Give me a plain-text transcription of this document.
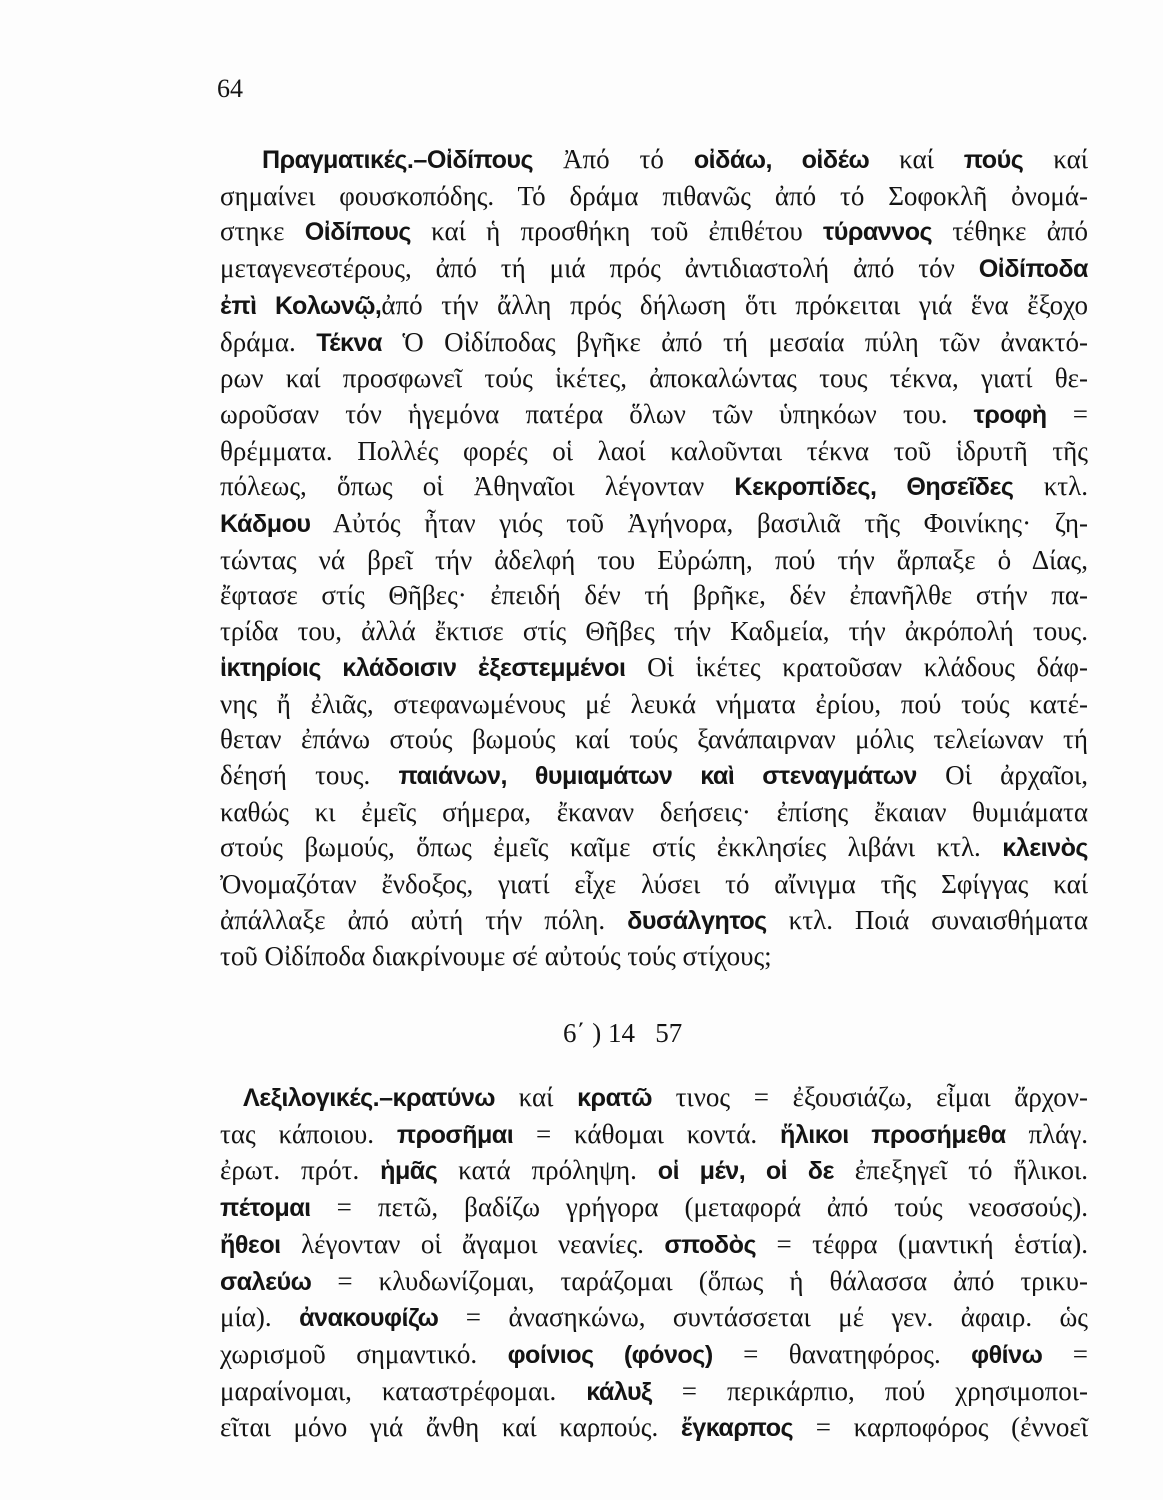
64
Πραγματικές.–Οἰδίπους Ἀπό τό οἰδάω, οἰδέω καί πούς καί
σημαίνει φουσκοπόδης. Τό δράμα πιθανῶς ἀπό τό Σοφοκλῆ ὀνομά-
στηκε Οἰδίπους καί ἡ προσθήκη τοῦ ἐπιθέτου τύραννος τέθηκε ἀπό
μεταγενεστέρους, ἀπό τή μιά πρός ἀντιδιαστολή ἀπό τόν Οἰδίποδα
ἐπὶ Κολωνῷ,ἀπό τήν ἄλλη πρός δήλωση ὅτι πρόκειται γιά ἕνα ἔξοχο
δράμα. Τέκνα Ὁ Οἰδίποδας βγῆκε ἀπό τή μεσαία πύλη τῶν ἀνακτό-
ρων καί προσφωνεῖ τούς ἱκέτες, ἀποκαλώντας τους τέκνα, γιατί θε-
ωροῦσαν τόν ἡγεμόνα πατέρα ὅλων τῶν ὑπηκόων του. τροφὴ =
θρέμματα. Πολλές φορές οἱ λαοί καλοῦνται τέκνα τοῦ ἱδρυτῆ τῆς
πόλεως, ὅπως οἱ Ἀθηναῖοι λέγονταν Κεκροπίδες, Θησεῖδες κτλ.
Κάδμου Αὐτός ἦταν γιός τοῦ Ἀγήνορα, βασιλιᾶ τῆς Φοινίκης· ζη-
τώντας νά βρεῖ τήν ἀδελφή του Εὐρώπη, πού τήν ἅρπαξε ὁ Δίας,
ἔφτασε στίς Θῆβες· ἐπειδή δέν τή βρῆκε, δέν ἐπανῆλθε στήν πα-
τρίδα του, ἀλλά ἔκτισε στίς Θῆβες τήν Καδμεία, τήν ἀκρόπολή τους.
ἱκτηρίοις κλάδοισιν ἐξεστεμμένοι Οἱ ἱκέτες κρατοῦσαν κλάδους δάφ-
νης ἤ ἐλιᾶς, στεφανωμένους μέ λευκά νήματα ἐρίου, πού τούς κατέ-
θεταν ἐπάνω στούς βωμούς καί τούς ξανάπαιρναν μόλις τελείωναν τή
δέησή τους. παιάνων, θυμιαμάτων καὶ στεναγμάτων Οἱ ἀρχαῖοι,
καθώς κι ἐμεῖς σήμερα, ἔκαναν δεήσεις· ἐπίσης ἔκαιαν θυμιάματα
στούς βωμούς, ὅπως ἐμεῖς καῖμε στίς ἐκκλησίες λιβάνι κτλ. κλεινὸς
Ὀνομαζόταν ἔνδοξος, γιατί εἶχε λύσει τό αἴνιγμα τῆς Σφίγγας καί
ἀπάλλαξε ἀπό αὐτή τήν πόλη. δυσάλγητος κτλ. Ποιά συναισθήματα
τοῦ Οἰδίποδα διακρίνουμε σέ αὐτούς τούς στίχους;
6΄ ) 14   57
Λεξιλογικές.–κρατύνω καί κρατῶ τινος = ἐξουσιάζω, εἶμαι ἄρχον-
τας κάποιου. προσῆμαι = κάθομαι κοντά. ἥλικοι προσήμεθα πλάγ.
ἐρωτ. πρότ. ἡμᾶς κατά πρόληψη. οἱ μέν, οἱ δε ἐπεξηγεῖ τό ἥλικοι.
πέτομαι = πετῶ, βαδίζω γρήγορα (μεταφορά ἀπό τούς νεοσσούς).
ἤθεοι λέγονταν οἱ ἄγαμοι νεανίες. σποδὸς = τέφρα (μαντική ἑστία).
σαλεύω = κλυδωνίζομαι, ταράζομαι (ὅπως ἡ θάλασσα ἀπό τρικυ-
μία). ἀνακουφίζω = ἀνασηκώνω, συντάσσεται μέ γεν. ἀφαιρ. ὡς
χωρισμοῦ σημαντικό. φοίνιος (φόνος) = θανατηφόρος. φθίνω =
μαραίνομαι, καταστρέφομαι. κάλυξ = περικάρπιο, πού χρησιμοποι-
εῖται μόνο γιά ἄνθη καί καρπούς. ἔγκαρπος = καρποφόρος (ἐννοεῖ
